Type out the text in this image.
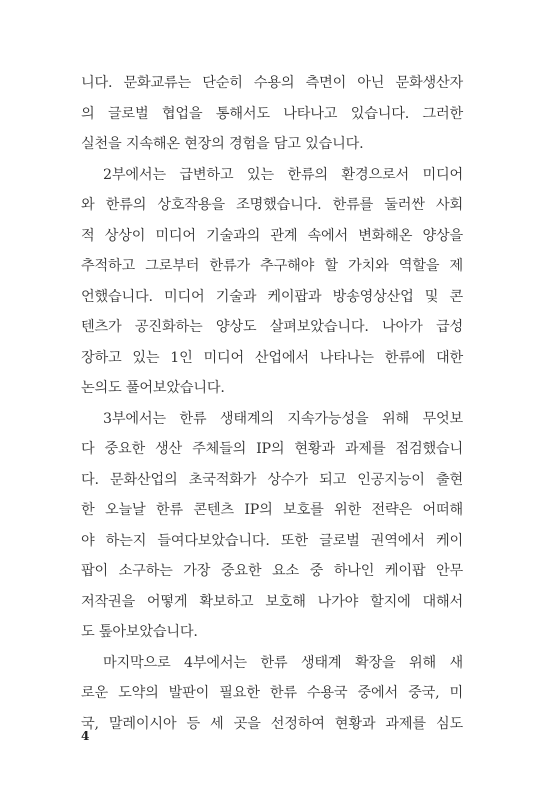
니다. 문화교류는 단순히 수용의 측면이 아닌 문화생산자
의 글로벌 협업을 통해서도 나타나고 있습니다. 그러한
실천을 지속해온 현장의 경험을 담고 있습니다.
2부에서는 급변하고 있는 한류의 환경으로서 미디어
와 한류의 상호작용을 조명했습니다. 한류를 둘러싼 사회
적 상상이 미디어 기술과의 관계 속에서 변화해온 양상을
추적하고 그로부터 한류가 추구해야 할 가치와 역할을 제
언했습니다. 미디어 기술과 케이팝과 방송영상산업 및 콘
텐츠가 공진화하는 양상도 살펴보았습니다. 나아가 급성
장하고 있는 1인 미디어 산업에서 나타나는 한류에 대한
논의도 풀어보았습니다.
3부에서는 한류 생태계의 지속가능성을 위해 무엇보
다 중요한 생산 주체들의 IP의 현황과 과제를 점검했습니
다. 문화산업의 초국적화가 상수가 되고 인공지능이 출현
한 오늘날 한류 콘텐츠 IP의 보호를 위한 전략은 어떠해
야 하는지 들여다보았습니다. 또한 글로벌 권역에서 케이
팝이 소구하는 가장 중요한 요소 중 하나인 케이팝 안무
저작권을 어떻게 확보하고 보호해 나가야 할지에 대해서
도 톺아보았습니다.
마지막으로 4부에서는 한류 생태계 확장을 위해 새
로운 도약의 발판이 필요한 한류 수용국 중에서 중국, 미
국, 말레이시아 등 세 곳을 선정하여 현황과 과제를 심도
4
